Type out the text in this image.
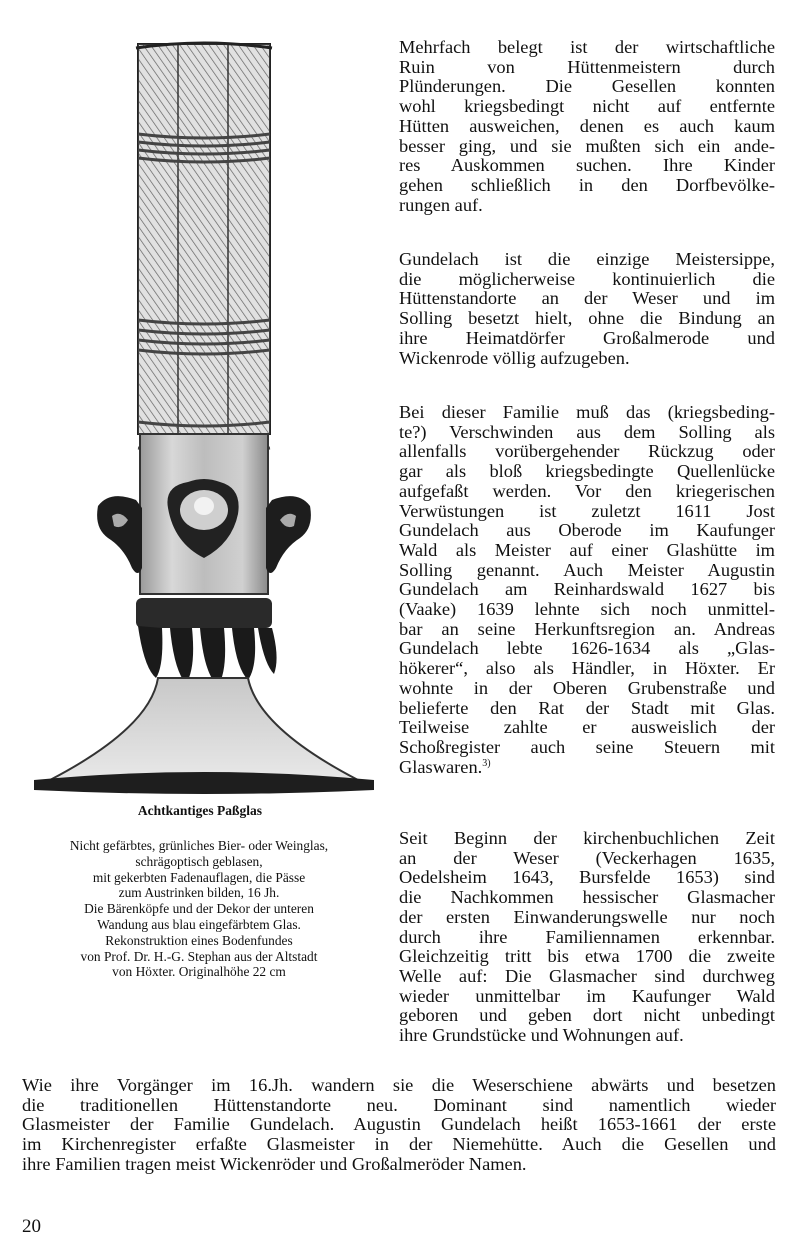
Achtkantiges Paßglas
Nicht gefärbtes, grünliches Bier- oder Weinglas,
schrägoptisch geblasen,
mit gekerbten Fadenauflagen, die Pässe
zum Austrinken bilden, 16 Jh.
Die Bärenköpfe und der Dekor der unteren
Wandung aus blau eingefärbtem Glas.
Rekonstruktion eines Bodenfundes
von Prof. Dr. H.-G. Stephan aus der Altstadt
von Höxter. Originalhöhe 22 cm
Mehrfach belegt ist der wirtschaftliche
Ruin von Hüttenmeistern durch
Plünderungen. Die Gesellen konnten
wohl kriegsbedingt nicht auf entfernte
Hütten ausweichen, denen es auch kaum
besser ging, und sie mußten sich ein ande-
res Auskommen suchen. Ihre Kinder
gehen schließlich in den Dorfbevölke-
rungen auf.
Gundelach ist die einzige Meistersippe,
die möglicherweise kontinuierlich die
Hüttenstandorte an der Weser und im
Solling besetzt hielt, ohne die Bindung an
ihre Heimatdörfer Großalmerode und
Wickenrode völlig aufzugeben.
Bei dieser Familie muß das (kriegsbeding-
te?) Verschwinden aus dem Solling als
allenfalls vorübergehender Rückzug oder
gar als bloß kriegsbedingte Quellenlücke
aufgefaßt werden. Vor den kriegerischen
Verwüstungen ist zuletzt 1611 Jost
Gundelach aus Oberode im Kaufunger
Wald als Meister auf einer Glashütte im
Solling genannt. Auch Meister Augustin
Gundelach am Reinhardswald 1627 bis
(Vaake) 1639 lehnte sich noch unmittel-
bar an seine Herkunftsregion an. Andreas
Gundelach lebte 1626-1634 als „Glas-
hökerer“, also als Händler, in Höxter. Er
wohnte in der Oberen Grubenstraße und
belieferte den Rat der Stadt mit Glas.
Teilweise zahlte er ausweislich der
Schoßregister auch seine Steuern mit
Glaswaren.$^{3)}$
Seit Beginn der kirchenbuchlichen Zeit
an der Weser (Veckerhagen 1635,
Oedelsheim 1643, Bursfelde 1653) sind
die Nachkommen hessischer Glasmacher
der ersten Einwanderungswelle nur noch
durch ihre Familiennamen erkennbar.
Gleichzeitig tritt bis etwa 1700 die zweite
Welle auf: Die Glasmacher sind durchweg
wieder unmittelbar im Kaufunger Wald
geboren und geben dort nicht unbedingt
ihre Grundstücke und Wohnungen auf.
Wie ihre Vorgänger im 16.Jh. wandern sie die Weserschiene abwärts und besetzen
die traditionellen Hüttenstandorte neu. Dominant sind namentlich wieder
Glasmeister der Familie Gundelach. Augustin Gundelach heißt 1653-1661 der erste
im Kirchenregister erfaßte Glasmeister in der Niemehütte. Auch die Gesellen und
ihre Familien tragen meist Wickenröder und Großalmeröder Namen.
20
